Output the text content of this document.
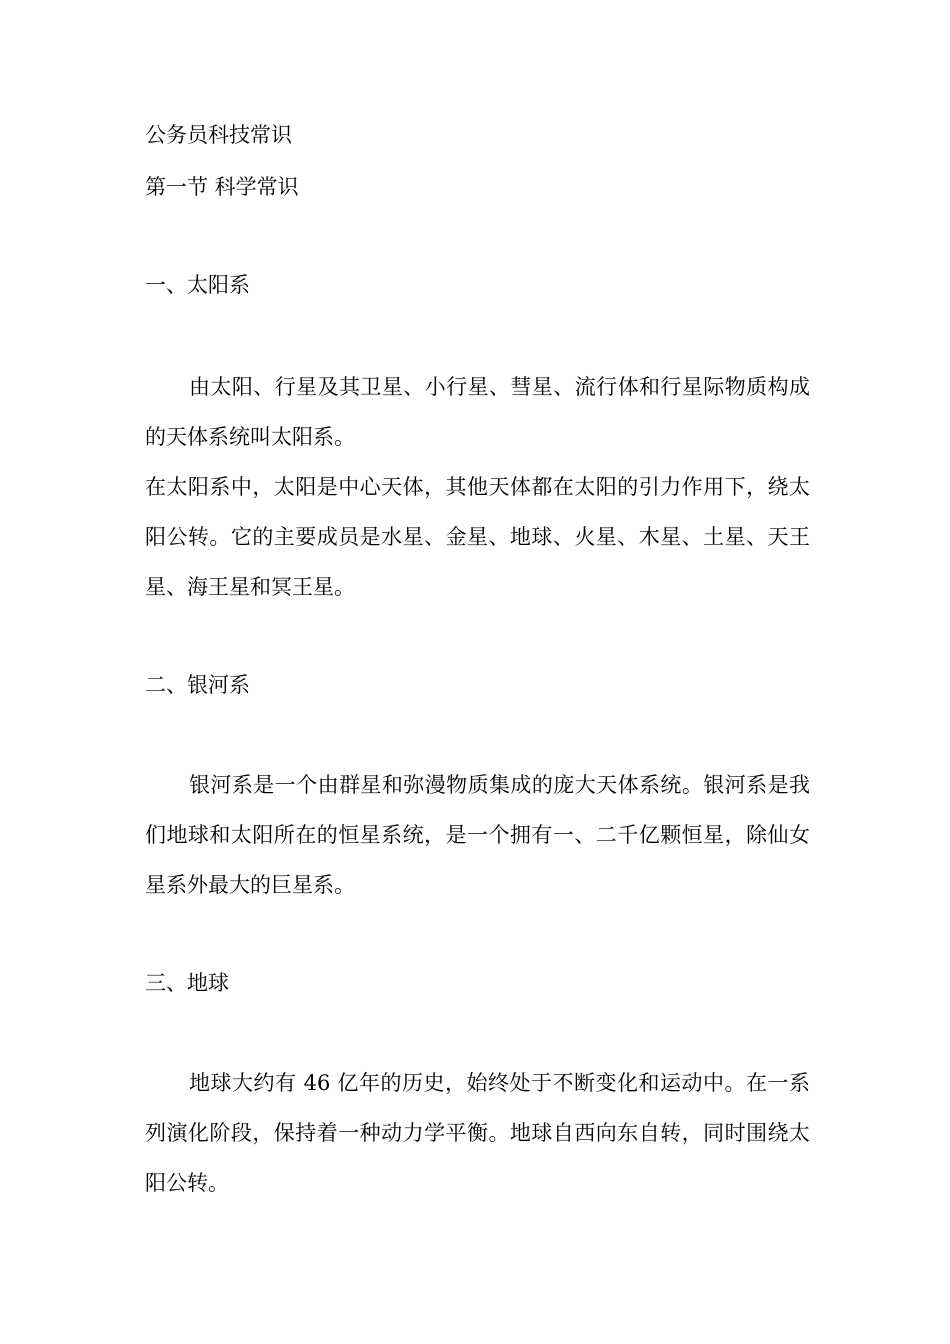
公务员科技常识
第一节 科学常识
一、太阳系

由太阳、行星及其卫星、小行星、彗星、流行体和行星际物质构成的天体系统叫太阳系。

在太阳系中，太阳是中心天体，其他天体都在太阳的引力作用下，绕太阳公转。它的主要成员是水星、金星、地球、火星、木星、土星、天王星、海王星和冥王星。

二、银河系

银河系是一个由群星和弥漫物质集成的庞大天体系统。银河系是我们地球和太阳所在的恒星系统，是一个拥有一、二千亿颗恒星，除仙女星系外最大的巨星系。

三、地球

地球大约有 46 亿年的历史，始终处于不断变化和运动中。在一系列演化阶段，保持着一种动力学平衡。地球自西向东自转，同时围绕太阳公转。
